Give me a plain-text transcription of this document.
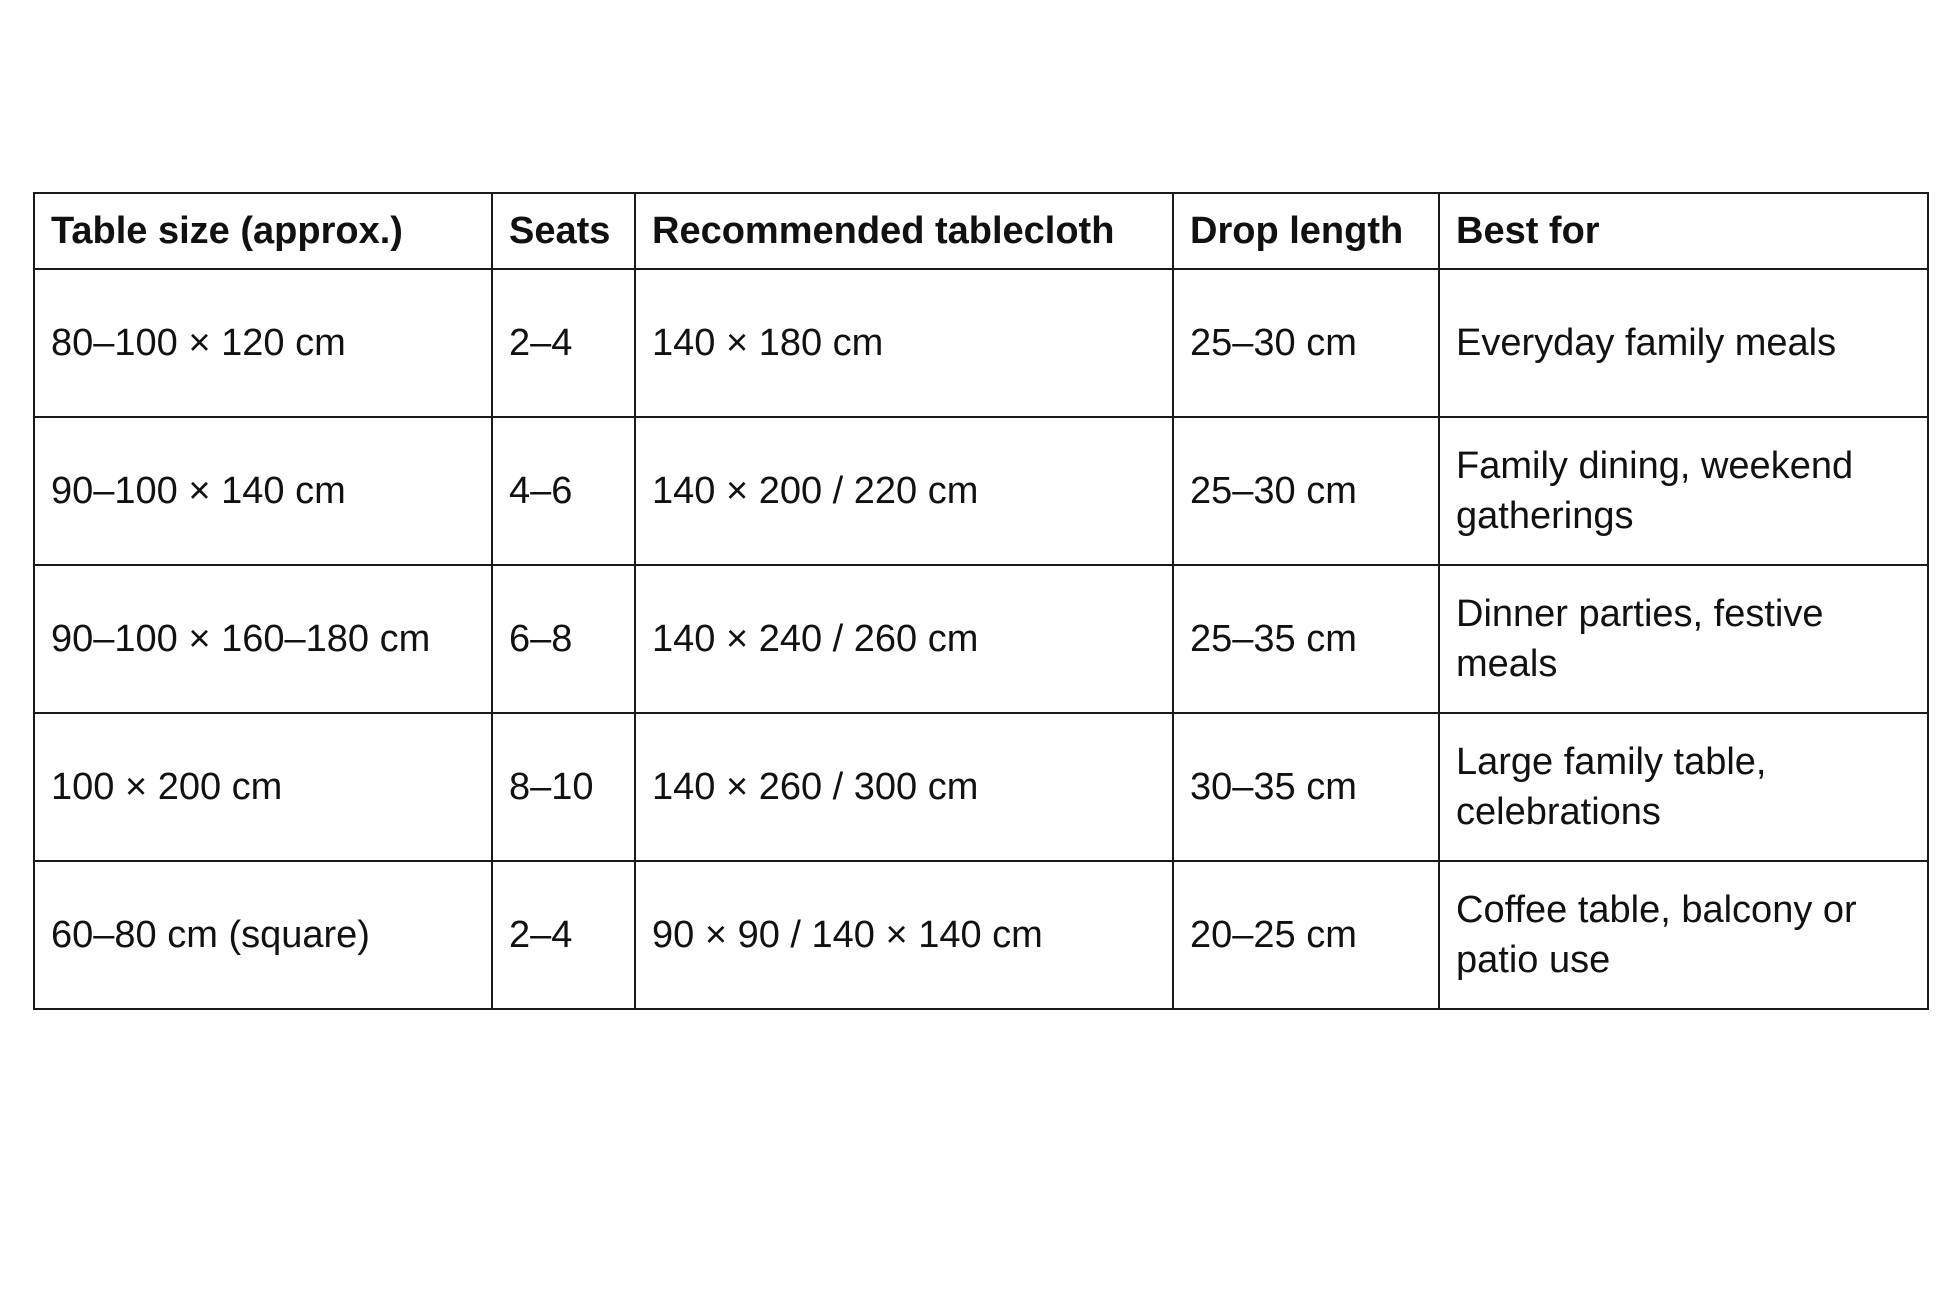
Table size (approx.)	Seats	Recommended tablecloth	Drop length	Best for
80–100 × 120 cm	2–4	140 × 180 cm	25–30 cm	Everyday family meals
90–100 × 140 cm	4–6	140 × 200 / 220 cm	25–30 cm	Family dining, weekend gatherings
90–100 × 160–180 cm	6–8	140 × 240 / 260 cm	25–35 cm	Dinner parties, festive meals
100 × 200 cm	8–10	140 × 260 / 300 cm	30–35 cm	Large family table, celebrations
60–80 cm (square)	2–4	90 × 90 / 140 × 140 cm	20–25 cm	Coffee table, balcony or patio use
